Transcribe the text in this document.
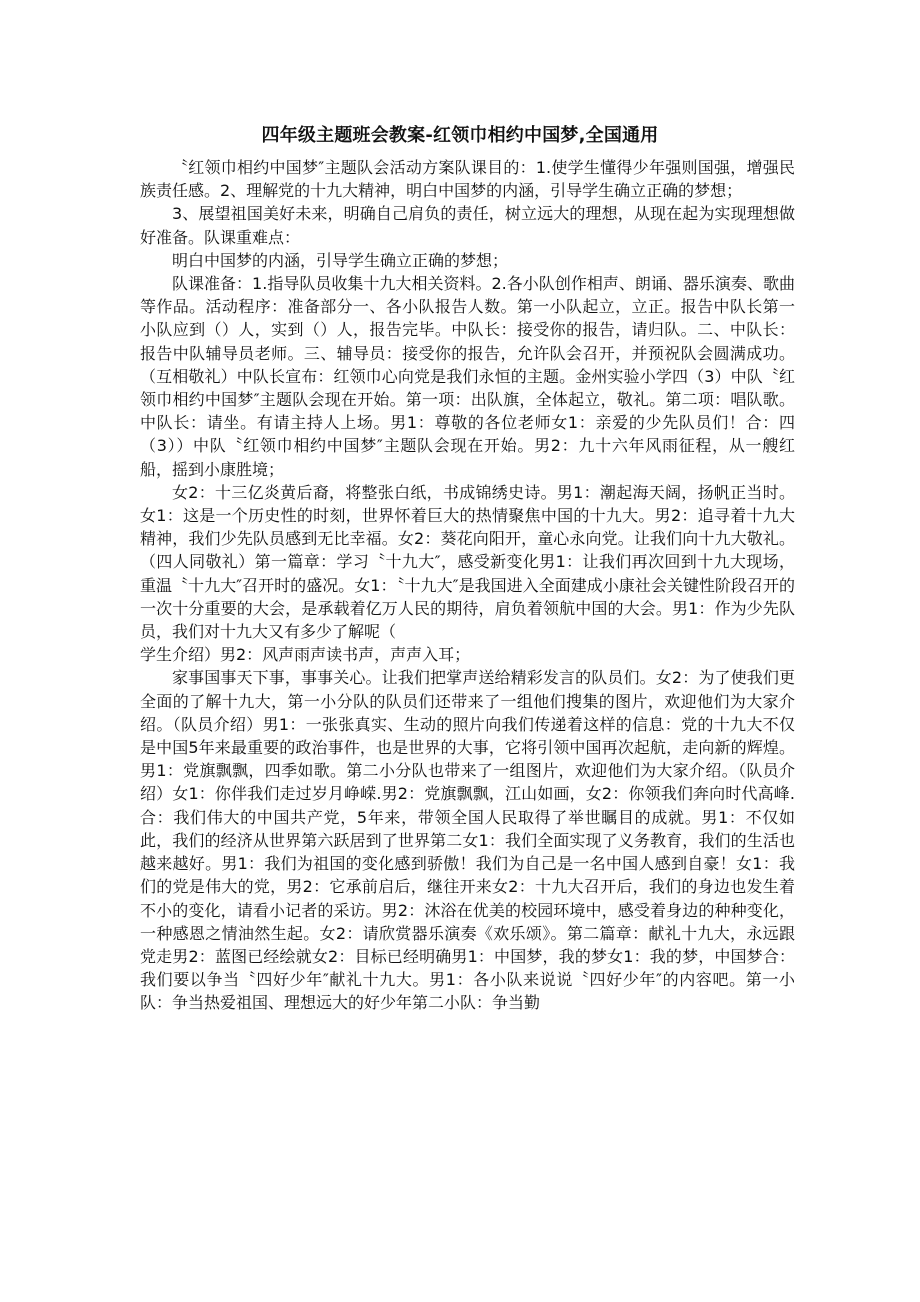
四年级主题班会教案-红领巾相约中国梦,全国通用

〝红领巾相约中国梦″主题队会活动方案队课目的：1.使学生懂得少年强则国强，增强民族责任感。2、理解党的十九大精神，明白中国梦的内涵，引导学生确立正确的梦想；

3、展望祖国美好未来，明确自己肩负的责任，树立远大的理想，从现在起为实现理想做好准备。队课重难点：

明白中国梦的内涵，引导学生确立正确的梦想；

队课准备：1.指导队员收集十九大相关资料。2.各小队创作相声、朗诵、器乐演奏、歌曲等作品。活动程序：准备部分一、各小队报告人数。第一小队起立，立正。报告中队长第一小队应到（）人，实到（）人，报告完毕。中队长：接受你的报告，请归队。二、中队长：报告中队辅导员老师。三、辅导员：接受你的报告，允许队会召开，并预祝队会圆满成功。（互相敬礼）中队长宣布：红领巾心向党是我们永恒的主题。金州实验小学四（3）中队〝红领巾相约中国梦″主题队会现在开始。第一项：出队旗，全体起立，敬礼。第二项：唱队歌。中队长：请坐。有请主持人上场。男1：尊敬的各位老师女1：亲爱的少先队员们！合：四（3））中队〝红领巾相约中国梦″主题队会现在开始。男2：九十六年风雨征程，从一艘红船，摇到小康胜境；

女2：十三亿炎黄后裔，将整张白纸，书成锦绣史诗。男1：潮起海天阔，扬帆正当时。女1：这是一个历史性的时刻，世界怀着巨大的热情聚焦中国的十九大。男2：追寻着十九大精神，我们少先队员感到无比幸福。女2：葵花向阳开，童心永向党。让我们向十九大敬礼。（四人同敬礼）第一篇章：学习〝十九大″，感受新变化男1：让我们再次回到十九大现场，重温〝十九大″召开时的盛况。女1：〝十九大″是我国进入全面建成小康社会关键性阶段召开的一次十分重要的大会，是承载着亿万人民的期待，肩负着领航中国的大会。男1：作为少先队员，我们对十九大又有多少了解呢（

学生介绍）男2：风声雨声读书声，声声入耳；

家事国事天下事，事事关心。让我们把掌声送给精彩发言的队员们。女2：为了使我们更全面的了解十九大，第一小分队的队员们还带来了一组他们搜集的图片，欢迎他们为大家介绍。（队员介绍）男1：一张张真实、生动的照片向我们传递着这样的信息：党的十九大不仅是中国5年来最重要的政治事件，也是世界的大事，它将引领中国再次起航，走向新的辉煌。男1：党旗飘飘，四季如歌。第二小分队也带来了一组图片，欢迎他们为大家介绍。（队员介绍）女1：你伴我们走过岁月峥嵘.男2：党旗飘飘，江山如画，女2：你领我们奔向时代高峰.合：我们伟大的中国共产党，5年来，带领全国人民取得了举世瞩目的成就。男1：不仅如此，我们的经济从世界第六跃居到了世界第二女1：我们全面实现了义务教育，我们的生活也越来越好。男1：我们为祖国的变化感到骄傲！我们为自己是一名中国人感到自豪！女1：我们的党是伟大的党，男2：它承前启后，继往开来女2：十九大召开后，我们的身边也发生着不小的变化，请看小记者的采访。男2：沐浴在优美的校园环境中，感受着身边的种种变化，一种感恩之情油然生起。女2：请欣赏器乐演奏《欢乐颂》。第二篇章：献礼十九大，永远跟党走男2：蓝图已经绘就女2：目标已经明确男1：中国梦，我的梦女1：我的梦，中国梦合：我们要以争当〝四好少年″献礼十九大。男1：各小队来说说〝四好少年″的内容吧。第一小队：争当热爱祖国、理想远大的好少年第二小队：争当勤
